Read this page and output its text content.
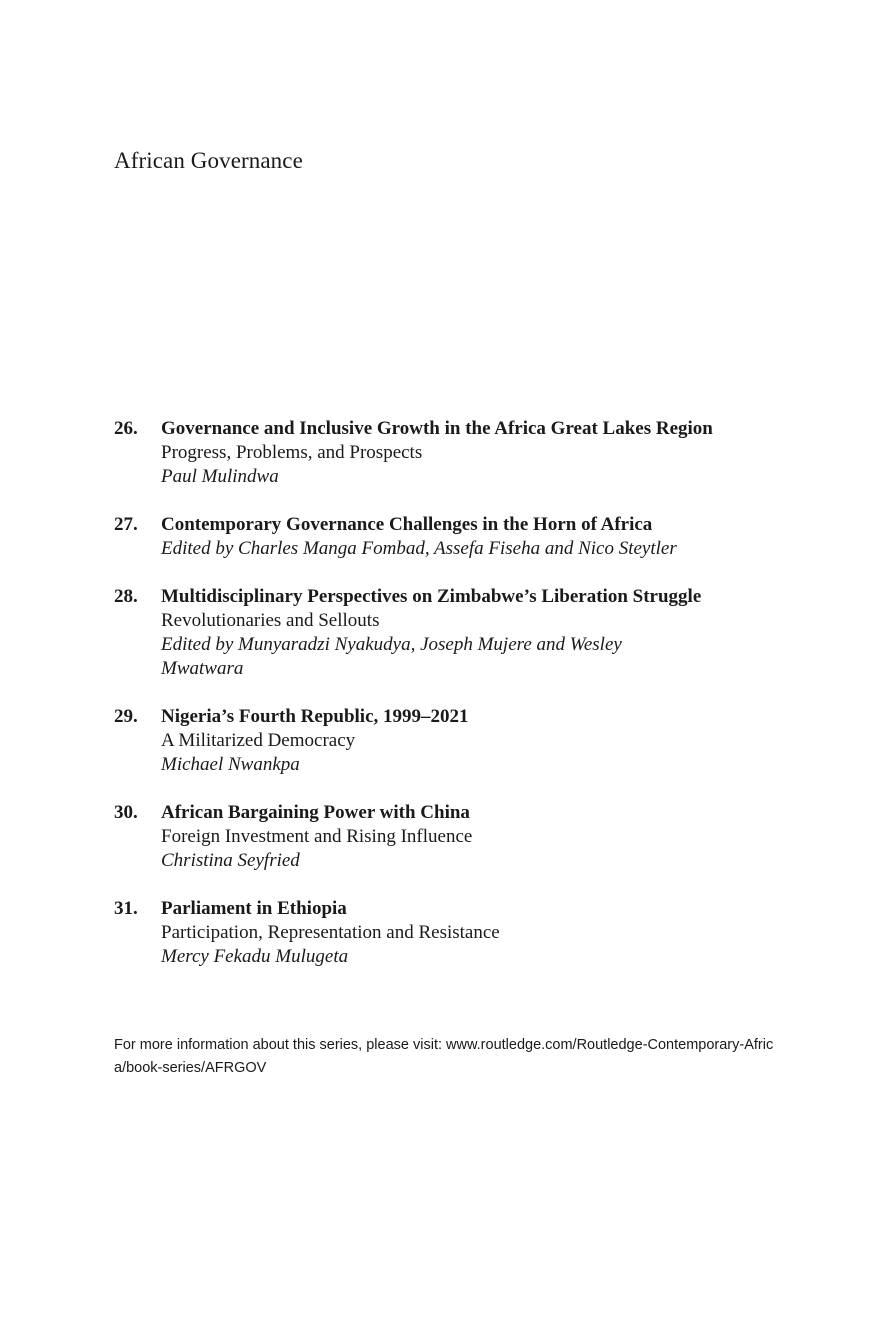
African Governance
26. Governance and Inclusive Growth in the Africa Great Lakes Region
Progress, Problems, and Prospects
Paul Mulindwa
27. Contemporary Governance Challenges in the Horn of Africa
Edited by Charles Manga Fombad, Assefa Fiseha and Nico Steytler
28. Multidisciplinary Perspectives on Zimbabwe’s Liberation Struggle
Revolutionaries and Sellouts
Edited by Munyaradzi Nyakudya, Joseph Mujere and Wesley Mwatwara
29. Nigeria’s Fourth Republic, 1999–2021
A Militarized Democracy
Michael Nwankpa
30. African Bargaining Power with China
Foreign Investment and Rising Influence
Christina Seyfried
31. Parliament in Ethiopia
Participation, Representation and Resistance
Mercy Fekadu Mulugeta

For more information about this series, please visit: www.routledge.com/Routledge-Contemporary-Africa/book-series/AFRGOV
